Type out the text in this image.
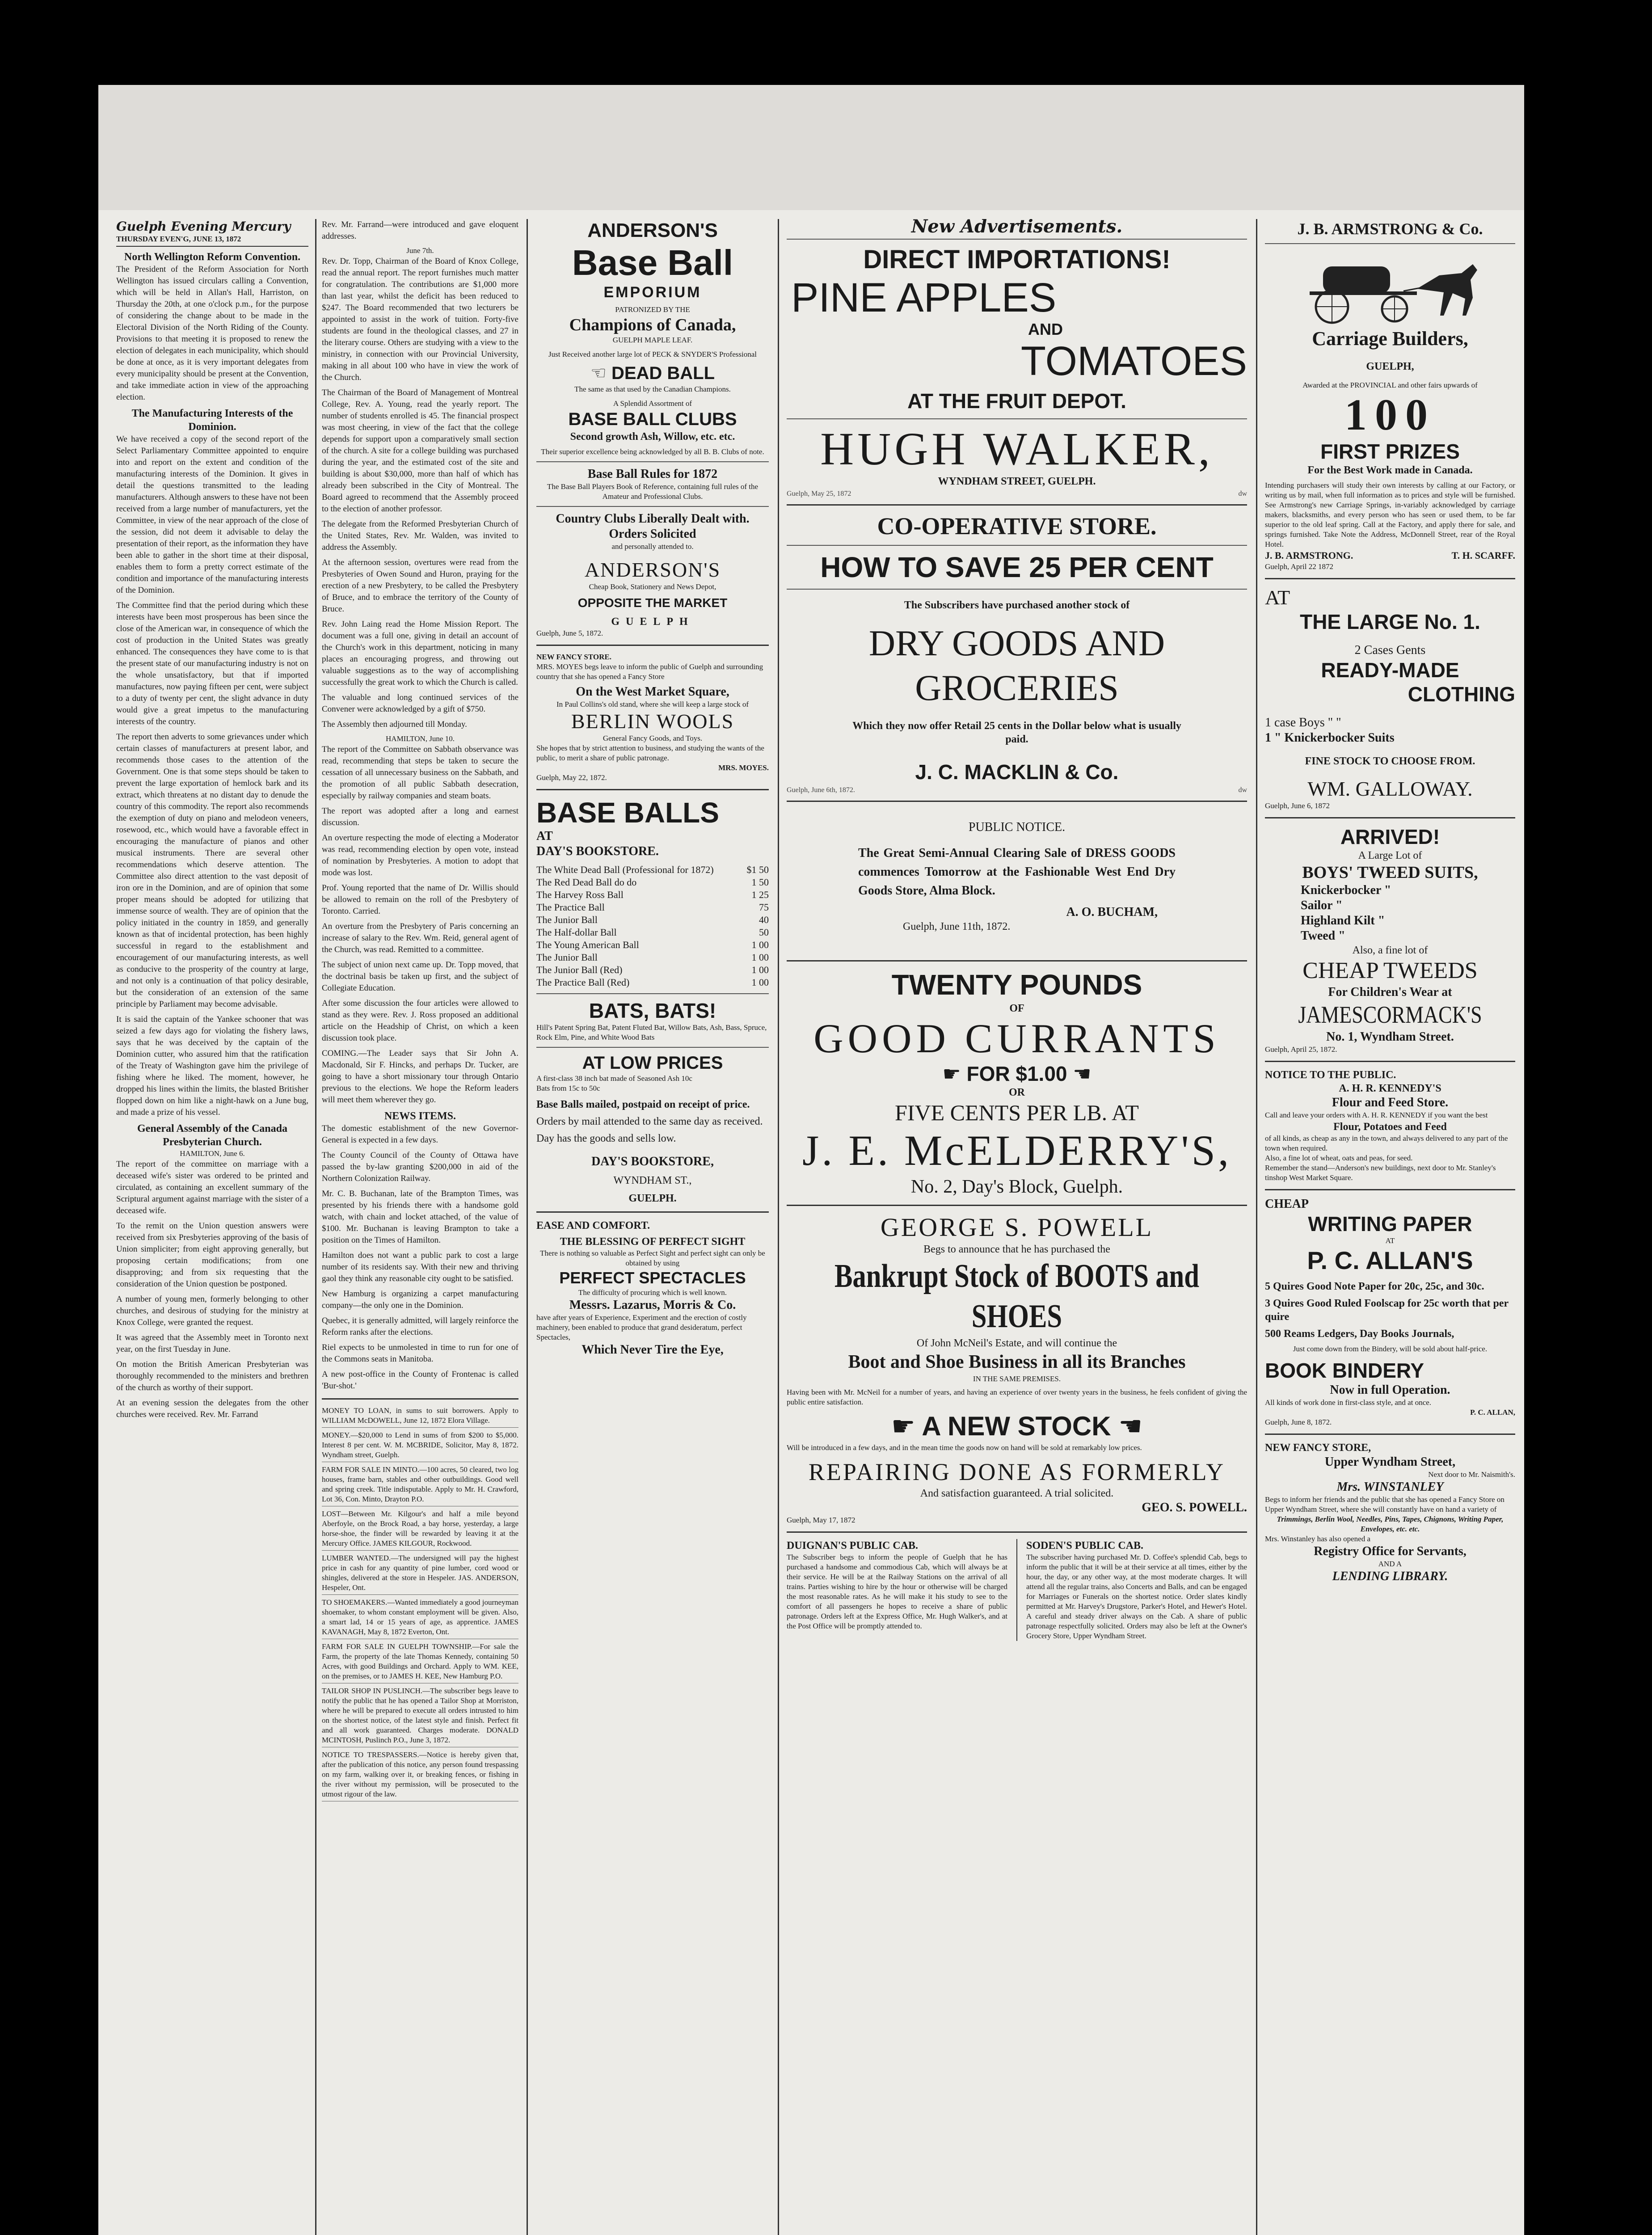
Guelph Evening Mercury
THURSDAY EVEN'G, JUNE 13, 1872
North Wellington Reform Convention.

The President of the Reform Association for North Wellington has issued circulars calling a Convention, which will be held in Allan's Hall, Harriston, on Thursday the 20th, at one o'clock p.m., for the purpose of considering the change about to be made in the Electoral Division of the North Riding of the County. Provisions to that meeting it is proposed to renew the election of delegates in each municipality, which should be done at once, as it is very important delegates from every municipality should be present at the Convention, and take immediate action in view of the approaching election.

The Manufacturing Interests of the Dominion.

We have received a copy of the second report of the Select Parliamentary Committee appointed to enquire into and report on the extent and condition of the manufacturing interests of the Dominion. It gives in detail the questions transmitted to the leading manufacturers. Although answers to these have not been received from a large number of manufacturers, yet the Committee, in view of the near approach of the close of the session, did not deem it advisable to delay the presentation of their report, as the information they have been able to gather in the short time at their disposal, enables them to form a pretty correct estimate of the condition and importance of the manufacturing interests of the Dominion.

The Committee find that the period during which these interests have been most prosperous has been since the close of the American war, in consequence of which the cost of production in the United States was greatly enhanced. The consequences they have come to is that the present state of our manufacturing industry is not on the whole unsatisfactory, but that if imported manufactures, now paying fifteen per cent, were subject to a duty of twenty per cent, the slight advance in duty would give a great impetus to the manufacturing interests of the country.

The report then adverts to some grievances under which certain classes of manufacturers at present labor, and recommends those cases to the attention of the Government. One is that some steps should be taken to prevent the large exportation of hemlock bark and its extract, which threatens at no distant day to denude the country of this commodity. The report also recommends the exemption of duty on piano and melodeon veneers, rosewood, etc., which would have a favorable effect in encouraging the manufacture of pianos and other musical instruments. There are several other recommendations which deserve attention. The Committee also direct attention to the vast deposit of iron ore in the Dominion, and are of opinion that some proper means should be adopted for utilizing that immense source of wealth. They are of opinion that the policy initiated in the country in 1859, and generally known as that of incidental protection, has been highly successful in regard to the establishment and encouragement of our manufacturing interests, as well as conducive to the prosperity of the country at large, and not only is a continuation of that policy desirable, but the consideration of an extension of the same principle by Parliament may become advisable.

It is said the captain of the Yankee schooner that was seized a few days ago for violating the fishery laws, says that he was deceived by the captain of the Dominion cutter, who assured him that the ratification of the Treaty of Washington gave him the privilege of fishing where he liked. The moment, however, he dropped his lines within the limits, the blasted Britisher flopped down on him like a night-hawk on a June bug, and made a prize of his vessel.

General Assembly of the Canada Presbyterian Church.
HAMILTON, June 6.

The report of the committee on marriage with a deceased wife's sister was ordered to be printed and circulated, as containing an excellent summary of the Scriptural argument against marriage with the sister of a deceased wife.

To the remit on the Union question answers were received from six Presbyteries approving of the basis of Union simpliciter; from eight approving generally, but proposing certain modifications; from one disapproving; and from six requesting that the consideration of the Union question be postponed.

A number of young men, formerly belonging to other churches, and desirous of studying for the ministry at Knox College, were granted the request.

It was agreed that the Assembly meet in Toronto next year, on the first Tuesday in June.

On motion the British American Presbyterian was thoroughly recommended to the ministers and brethren of the church as worthy of their support.

At an evening session the delegates from the other churches were received. Rev. Mr. Farrand

Rev. Mr. Farrand—were introduced and gave eloquent addresses.

June 7th.

Rev. Dr. Topp, Chairman of the Board of Knox College, read the annual report. The report furnishes much matter for congratulation. The contributions are $1,000 more than last year, whilst the deficit has been reduced to $247. The Board recommended that two lecturers be appointed to assist in the work of tuition. Forty-five students are found in the theological classes, and 27 in the literary course. Others are studying with a view to the ministry, in connection with our Provincial University, making in all about 100 who have in view the work of the Church.

The Chairman of the Board of Management of Montreal College, Rev. A. Young, read the yearly report. The number of students enrolled is 45. The financial prospect was most cheering, in view of the fact that the college depends for support upon a comparatively small section of the church. A site for a college building was purchased during the year, and the estimated cost of the site and building is about $30,000, more than half of which has already been subscribed in the City of Montreal. The Board agreed to recommend that the Assembly proceed to the election of another professor.

The delegate from the Reformed Presbyterian Church of the United States, Rev. Mr. Walden, was invited to address the Assembly.

At the afternoon session, overtures were read from the Presbyteries of Owen Sound and Huron, praying for the erection of a new Presbytery, to be called the Presbytery of Bruce, and to embrace the territory of the County of Bruce.

Rev. John Laing read the Home Mission Report. The document was a full one, giving in detail an account of the Church's work in this department, noticing in many places an encouraging progress, and throwing out valuable suggestions as to the way of accomplishing successfully the great work to which the Church is called.

The valuable and long continued services of the Convener were acknowledged by a gift of $750.

The Assembly then adjourned till Monday.

HAMILTON, June 10.

The report of the Committee on Sabbath observance was read, recommending that steps be taken to secure the cessation of all unnecessary business on the Sabbath, and the promotion of all public Sabbath desecration, especially by railway companies and steam boats.

The report was adopted after a long and earnest discussion.

An overture respecting the mode of electing a Moderator was read, recommending election by open vote, instead of nomination by Presbyteries. A motion to adopt that mode was lost.

Prof. Young reported that the name of Dr. Willis should be allowed to remain on the roll of the Presbytery of Toronto. Carried.

An overture from the Presbytery of Paris concerning an increase of salary to the Rev. Wm. Reid, general agent of the Church, was read. Remitted to a committee.

The subject of union next came up. Dr. Topp moved, that the doctrinal basis be taken up first, and the subject of Collegiate Education.

After some discussion the four articles were allowed to stand as they were. Rev. J. Ross proposed an additional article on the Headship of Christ, on which a keen discussion took place.

COMING.—The Leader says that Sir John A. Macdonald, Sir F. Hincks, and perhaps Dr. Tucker, are going to have a short missionary tour through Ontario previous to the elections. We hope the Reform leaders will meet them wherever they go.

NEWS ITEMS.

The domestic establishment of the new Governor-General is expected in a few days.

The County Council of the County of Ottawa have passed the by-law granting $200,000 in aid of the Northern Colonization Railway.

Mr. C. B. Buchanan, late of the Brampton Times, was presented by his friends there with a handsome gold watch, with chain and locket attached, of the value of $100. Mr. Buchanan is leaving Brampton to take a position on the Times of Hamilton.

Hamilton does not want a public park to cost a large number of its residents say. With their new and thriving gaol they think any reasonable city ought to be satisfied.

New Hamburg is organizing a carpet manufacturing company—the only one in the Dominion.

Quebec, it is generally admitted, will largely reinforce the Reform ranks after the elections.

Riel expects to be unmolested in time to run for one of the Commons seats in Manitoba.

A new post-office in the County of Frontenac is called 'Bur-shot.'

MONEY TO LOAN, in sums to suit borrowers. Apply to WILLIAM McDOWELL, June 12, 1872 Elora Village.
MONEY.—$20,000 to Lend in sums of from $200 to $5,000. Interest 8 per cent. W. M. MCBRIDE, Solicitor, May 8, 1872. Wyndham street, Guelph.
FARM FOR SALE IN MINTO.—100 acres, 50 cleared, two log houses, frame barn, stables and other outbuildings. Good well and spring creek. Title indisputable. Apply to Mr. H. Crawford, Lot 36, Con. Minto, Drayton P.O.
LOST—Between Mr. Kilgour's and half a mile beyond Aberfoyle, on the Brock Road, a bay horse, yesterday, a large horse-shoe, the finder will be rewarded by leaving it at the Mercury Office. JAMES KILGOUR, Rockwood.
LUMBER WANTED.—The undersigned will pay the highest price in cash for any quantity of pine lumber, cord wood or shingles, delivered at the store in Hespeler. JAS. ANDERSON, Hespeler, Ont.
TO SHOEMAKERS.—Wanted immediately a good journeyman shoemaker, to whom constant employment will be given. Also, a smart lad, 14 or 15 years of age, as apprentice. JAMES KAVANAGH, May 8, 1872 Everton, Ont.
FARM FOR SALE IN GUELPH TOWNSHIP.—For sale the Farm, the property of the late Thomas Kennedy, containing 50 Acres, with good Buildings and Orchard. Apply to WM. KEE, on the premises, or to JAMES H. KEE, New Hamburg P.O.
TAILOR SHOP IN PUSLINCH.—The subscriber begs leave to notify the public that he has opened a Tailor Shop at Morriston, where he will be prepared to execute all orders intrusted to him on the shortest notice, of the latest style and finish. Perfect fit and all work guaranteed. Charges moderate. DONALD MCINTOSH, Puslinch P.O., June 3, 1872.
NOTICE TO TRESPASSERS.—Notice is hereby given that, after the publication of this notice, any person found trespassing on my farm, walking over it, or breaking fences, or fishing in the river without my permission, will be prosecuted to the utmost rigour of the law.
ANDERSON'S
Base Ball
EMPORIUM
PATRONIZED BY THE
Champions of Canada,
GUELPH MAPLE LEAF.
Just Received another large lot of PECK & SNYDER'S Professional
☜ DEAD BALL
The same as that used by the Canadian Champions.
A Splendid Assortment of
BASE BALL CLUBS
Second growth Ash, Willow, etc. etc.
Their superior excellence being acknowledged by all B. B. Clubs of note.
Base Ball Rules for 1872
The Base Ball Players Book of Reference, containing full rules of the Amateur and Professional Clubs.
Country Clubs Liberally Dealt with. Orders Solicited
and personally attended to.
ANDERSON'S
Cheap Book, Stationery and News Depot,
OPPOSITE THE MARKET
GUELPH
Guelph, June 5, 1872.
NEW FANCY STORE.
MRS. MOYES begs leave to inform the public of Guelph and surrounding country that she has opened a Fancy Store
On the West Market Square,
In Paul Collins's old stand, where she will keep a large stock of
BERLIN WOOLS
General Fancy Goods, and Toys.
She hopes that by strict attention to business, and studying the wants of the public, to merit a share of public patronage.
MRS. MOYES.
Guelph, May 22, 1872.
BASE BALLS
AT
DAY'S BOOKSTORE.
The White Dead Ball (Professional for 1872)	$1 50
The Red Dead Ball do do	1 50
The Harvey Ross Ball	1 25
The Practice Ball	75
The Junior Ball	40
The Half-dollar Ball	50
The Young American Ball	1 00
The Junior Ball	1 00
The Junior Ball (Red)	1 00
The Practice Ball (Red)	1 00
BATS, BATS!
Hill's Patent Spring Bat, Patent Fluted Bat, Willow Bats, Ash, Bass, Spruce, Rock Elm, Pine, and White Wood Bats
AT LOW PRICES
A first-class 38 inch bat made of Seasoned Ash 10c
Bats from 15c to 50c
Base Balls mailed, postpaid on receipt of price.
Orders by mail attended to the same day as received.
Day has the goods and sells low.
DAY'S BOOKSTORE,
WYNDHAM ST.,
GUELPH.
EASE AND COMFORT.
THE BLESSING OF PERFECT SIGHT
There is nothing so valuable as Perfect Sight and perfect sight can only be obtained by using
PERFECT SPECTACLES
The difficulty of procuring which is well known.
Messrs. Lazarus, Morris & Co.
have after years of Experience, Experiment and the erection of costly machinery, been enabled to produce that grand desideratum, perfect Spectacles,
Which Never Tire the Eye,
New Advertisements.
DIRECT IMPORTATIONS!
PINE APPLES
AND
TOMATOES
AT THE FRUIT DEPOT.
HUGH WALKER,
WYNDHAM STREET, GUELPH.
Guelph, May 25, 1872	dw
CO-OPERATIVE STORE.
HOW TO SAVE 25 PER CENT
The Subscribers have purchased another stock of
DRY GOODS AND GROCERIES
Which they now offer Retail 25 cents in the Dollar below what is usually paid.
J. C. MACKLIN & Co.
Guelph, June 6th, 1872.	dw
PUBLIC NOTICE.
The Great Semi-Annual Clearing Sale of DRESS GOODS commences Tomorrow at the Fashionable West End Dry Goods Store, Alma Block.
A. O. BUCHAM,
Guelph, June 11th, 1872.
TWENTY POUNDS
OF
GOOD CURRANTS
☛ FOR $1.00 ☚
OR
FIVE CENTS PER LB. AT
J. E. McELDERRY'S,
No. 2, Day's Block, Guelph.
GEORGE S. POWELL
Begs to announce that he has purchased the
Bankrupt Stock of BOOTS and SHOES
Of John McNeil's Estate, and will continue the
Boot and Shoe Business in all its Branches
IN THE SAME PREMISES.
Having been with Mr. McNeil for a number of years, and having an experience of over twenty years in the business, he feels confident of giving the public entire satisfaction.
☛ A NEW STOCK ☚
Will be introduced in a few days, and in the mean time the goods now on hand will be sold at remarkably low prices.
REPAIRING DONE AS FORMERLY
And satisfaction guaranteed. A trial solicited.
GEO. S. POWELL.
Guelph, May 17, 1872
DUIGNAN'S PUBLIC CAB.
The Subscriber begs to inform the people of Guelph that he has purchased a handsome and commodious Cab, which will always be at their service. He will be at the Railway Stations on the arrival of all trains. Parties wishing to hire by the hour or otherwise will be charged the most reasonable rates. As he will make it his study to see to the comfort of all passengers he hopes to receive a share of public patronage. Orders left at the Express Office, Mr. Hugh Walker's, and at the Post Office will be promptly attended to.
SODEN'S PUBLIC CAB.
The subscriber having purchased Mr. D. Coffee's splendid Cab, begs to inform the public that it will be at their service at all times, either by the hour, the day, or any other way, at the most moderate charges. It will attend all the regular trains, also Concerts and Balls, and can be engaged for Marriages or Funerals on the shortest notice. Order slates kindly permitted at Mr. Harvey's Drugstore, Parker's Hotel, and Hewer's Hotel. A careful and steady driver always on the Cab. A share of public patronage respectfully solicited. Orders may also be left at the Owner's Grocery Store, Upper Wyndham Street.
J. B. ARMSTRONG & Co.
Carriage Builders,
GUELPH,
Awarded at the PROVINCIAL and other fairs upwards of
100
FIRST PRIZES
For the Best Work made in Canada.
Intending purchasers will study their own interests by calling at our Factory, or writing us by mail, when full information as to prices and style will be furnished. See Armstrong's new Carriage Springs, in-variably acknowledged by carriage makers, blacksmiths, and every person who has seen or used them, to be far superior to the old leaf spring. Call at the Factory, and apply there for sale, and springs furnished. Take Note the Address, McDonnell Street, rear of the Royal Hotel.
J. B. ARMSTRONG.	T. H. SCARFF.
Guelph, April 22 1872
AT
THE LARGE No. 1.
2 Cases Gents
READY-MADE
CLOTHING
1 case Boys " "
1 " Knickerbocker Suits
FINE STOCK TO CHOOSE FROM.
WM. GALLOWAY.
Guelph, June 6, 1872
ARRIVED!
A Large Lot of
BOYS' TWEED SUITS,
Knickerbocker "
Sailor "
Highland Kilt "
Tweed "
Also, a fine lot of
CHEAP TWEEDS
For Children's Wear at
JAMESCORMACK'S
No. 1, Wyndham Street.
Guelph, April 25, 1872.
NOTICE TO THE PUBLIC.
A. H. R. KENNEDY'S
Flour and Feed Store.
Call and leave your orders with A. H. R. KENNEDY if you want the best
Flour, Potatoes and Feed
of all kinds, as cheap as any in the town, and always delivered to any part of the town when required.
Also, a fine lot of wheat, oats and peas, for seed.
Remember the stand—Anderson's new buildings, next door to Mr. Stanley's tinshop West Market Square.
CHEAP
WRITING PAPER
AT
P. C. ALLAN'S
5 Quires Good Note Paper for 20c, 25c, and 30c.
3 Quires Good Ruled Foolscap for 25c worth that per quire
500 Reams Ledgers, Day Books Journals,
Just come down from the Bindery, will be sold about half-price.
BOOK BINDERY
Now in full Operation.
All kinds of work done in first-class style, and at once.
P. C. ALLAN,
Guelph, June 8, 1872.
NEW FANCY STORE,
Upper Wyndham Street,
Next door to Mr. Naismith's.
Mrs. WINSTANLEY
Begs to inform her friends and the public that she has opened a Fancy Store on Upper Wyndham Street, where she will constantly have on hand a variety of
Trimmings, Berlin Wool, Needles, Pins, Tapes, Chignons, Writing Paper, Envelopes, etc. etc.
Mrs. Winstanley has also opened a
Registry Office for Servants,
AND A
LENDING LIBRARY.
